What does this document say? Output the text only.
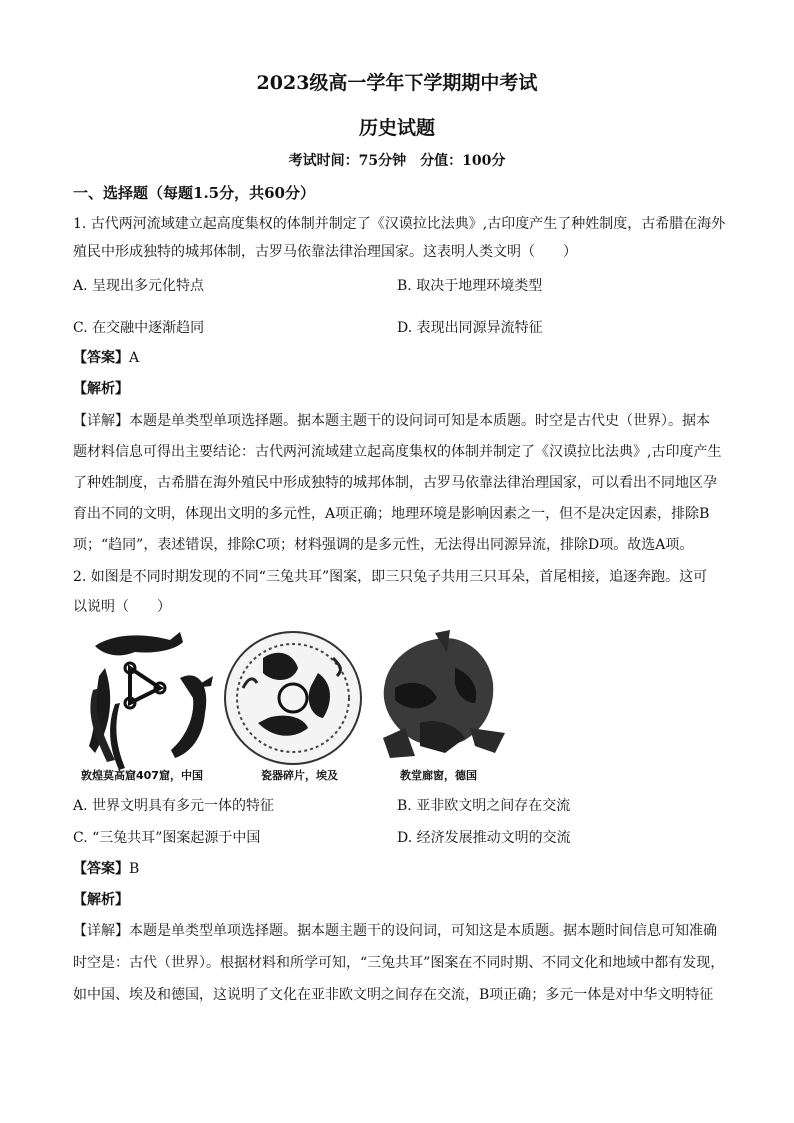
2023级高一学年下学期期中考试
历史试题
考试时间：75分钟　分值：100分
一、选择题（每题1.5分，共60分）
1. 古代两河流域建立起高度集权的体制并制定了《汉谟拉比法典》,古印度产生了种姓制度，古希腊在海外
殖民中形成独特的城邦体制，古罗马依靠法律治理国家。这表明人类文明（　　）
A. 呈现出多元化特点	B. 取决于地理环境类型
C. 在交融中逐渐趋同	D. 表现出同源异流特征
【答案】A
【解析】
【详解】本题是单类型单项选择题。据本题主题干的设问词可知是本质题。时空是古代史（世界）。据本
题材料信息可得出主要结论：古代两河流域建立起高度集权的体制并制定了《汉谟拉比法典》,古印度产生
了种姓制度，古希腊在海外殖民中形成独特的城邦体制，古罗马依靠法律治理国家，可以看出不同地区孕
育出不同的文明，体现出文明的多元性，A项正确；地理环境是影响因素之一，但不是决定因素，排除B
项；“趋同”，表述错误，排除C项；材料强调的是多元性，无法得出同源异流，排除D项。故选A项。
2. 如图是不同时期发现的不同“三兔共耳”图案，即三只兔子共用三只耳朵，首尾相接，追逐奔跑。这可
以说明（　　）
敦煌莫高窟407窟，中国	瓷器碎片，埃及	教堂廊窗，德国
A. 世界文明具有多元一体的特征	B. 亚非欧文明之间存在交流
C. “三兔共耳”图案起源于中国	D. 经济发展推动文明的交流
【答案】B
【解析】
【详解】本题是单类型单项选择题。据本题主题干的设问词，可知这是本质题。据本题时间信息可知准确
时空是：古代（世界）。根据材料和所学可知，“三兔共耳”图案在不同时期、不同文化和地域中都有发现，
如中国、埃及和德国，这说明了文化在亚非欧文明之间存在交流，B项正确；多元一体是对中华文明特征
